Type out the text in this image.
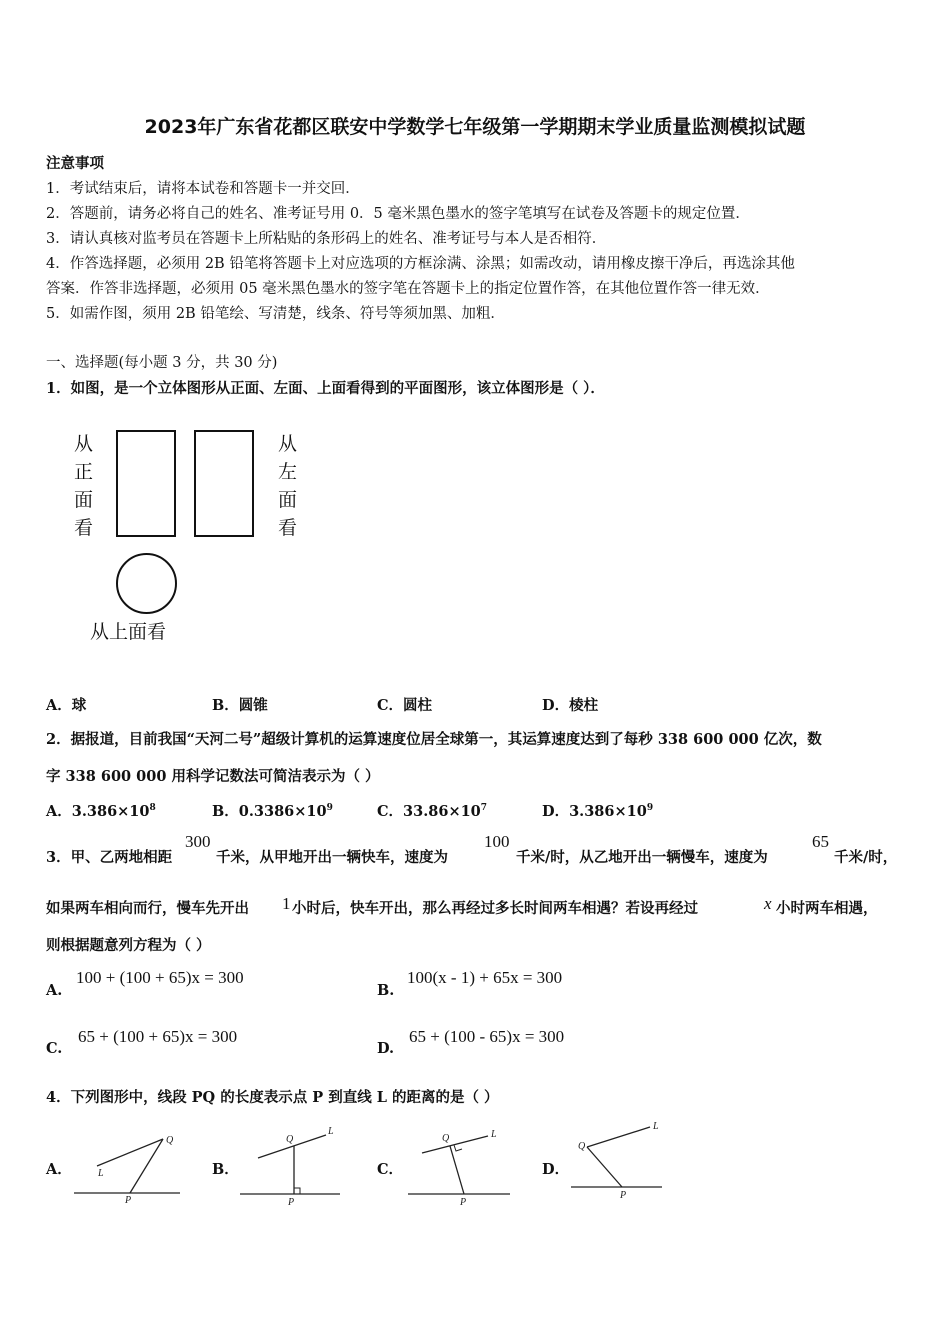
2023年广东省花都区联安中学数学七年级第一学期期末学业质量监测模拟试题
注意事项
1．考试结束后，请将本试卷和答题卡一并交回．
2．答题前，请务必将自己的姓名、准考证号用 0．5 毫米黑色墨水的签字笔填写在试卷及答题卡的规定位置．
3．请认真核对监考员在答题卡上所粘贴的条形码上的姓名、准考证号与本人是否相符．
4．作答选择题，必须用 2B 铅笔将答题卡上对应选项的方框涂满、涂黑；如需改动，请用橡皮擦干净后，再选涂其他
答案．作答非选择题，必须用 05 毫米黑色墨水的签字笔在答题卡上的指定位置作答，在其他位置作答一律无效．
5．如需作图，须用 2B 铅笔绘、写清楚，线条、符号等须加黑、加粗．
一、选择题(每小题 3 分，共 30 分)
1．如图，是一个立体图形从正面、左面、上面看得到的平面图形，该立体图形是（ ）．
从正面看
从左面看
从上面看
A．球	B．圆锥	C．圆柱	D．棱柱
2．据报道，目前我国“天河二号”超级计算机的运算速度位居全球第一，其运算速度达到了每秒 338 600 000 亿次，数
字 338 600 000 用科学记数法可简洁表示为（ ）
A．$3.386\times 10^8$	B．$0.3386\times 10^9$	C．$33.86\times 10^7$	D．$3.386\times 10^9$
3．甲、乙两地相距
300
千米，从甲地开出一辆快车，速度为
100
千米/时，从乙地开出一辆慢车，速度为
65
千米/时，
如果两车相向而行，慢车先开出 1 小时后，快车开出，那么再经过多长时间两车相遇？若设再经过	x 小时两车相遇，
则根据题意列方程为（ ）
A.
100 + (100 + 65)x = 300
B.
100(x - 1) + 65x = 300
C.
65 + (100 + 65)x = 300
D.
65 + (100 - 65)x = 300
4．下列图形中，线段 PQ 的长度表示点 P 到直线 L 的距离的是（ ）
A．
Q
L
P
B．
Q
L
P
C．
Q	L
P
D．
Q
L
P
